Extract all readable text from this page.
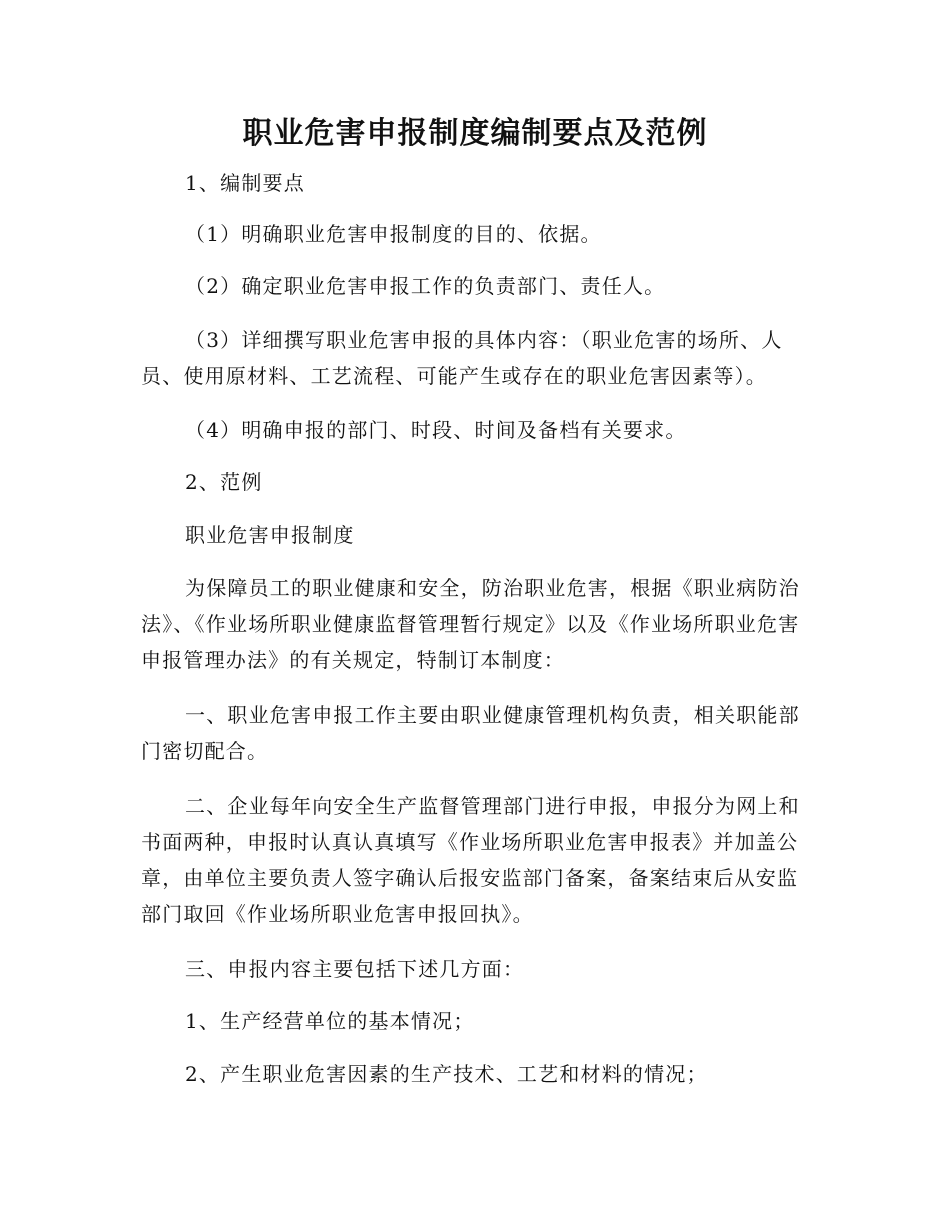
职业危害申报制度编制要点及范例
1、编制要点
（1）明确职业危害申报制度的目的、依据。
（2）确定职业危害申报工作的负责部门、责任人。
（3）详细撰写职业危害申报的具体内容：（职业危害的场所、人员、使用原材料、工艺流程、可能产生或存在的职业危害因素等）。
（4）明确申报的部门、时段、时间及备档有关要求。
2、范例
职业危害申报制度
为保障员工的职业健康和安全，防治职业危害，根据《职业病防治法》、《作业场所职业健康监督管理暂行规定》以及《作业场所职业危害申报管理办法》的有关规定，特制订本制度：
一、职业危害申报工作主要由职业健康管理机构负责，相关职能部门密切配合。
二、企业每年向安全生产监督管理部门进行申报，申报分为网上和书面两种，申报时认真认真填写《作业场所职业危害申报表》并加盖公章，由单位主要负责人签字确认后报安监部门备案，备案结束后从安监部门取回《作业场所职业危害申报回执》。
三、申报内容主要包括下述几方面：
1、生产经营单位的基本情况；
2、产生职业危害因素的生产技术、工艺和材料的情况；
